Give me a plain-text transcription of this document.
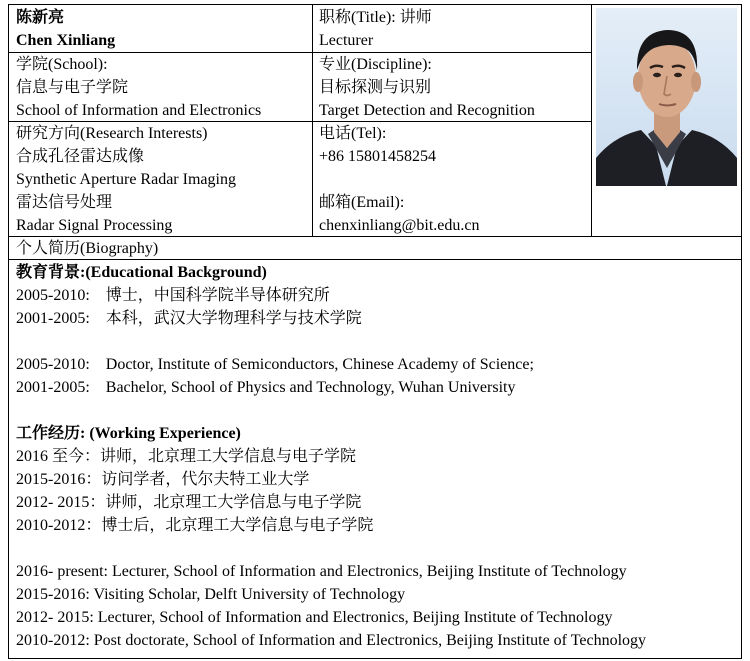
陈新亮
Chen Xinliang
职称(Title): 讲师
Lecturer
学院(School):
信息与电子学院
School of Information and Electronics
专业(Discipline):
目标探测与识别
Target Detection and Recognition
研究方向(Research Interests)
合成孔径雷达成像
Synthetic Aperture Radar Imaging
雷达信号处理
Radar Signal Processing
电话(Tel):
+86 15801458254
邮箱(Email):
chenxinliang@bit.edu.cn
个人简历(Biography)
教育背景:(Educational Background)
2005-2010:    博士，中国科学院半导体研究所
2001-2005:    本科，武汉大学物理科学与技术学院
2005-2010:    Doctor, Institute of Semiconductors, Chinese Academy of Science;
2001-2005:    Bachelor, School of Physics and Technology, Wuhan University
工作经历: (Working Experience)
2016 至今：讲师，北京理工大学信息与电子学院
2015-2016：访问学者，代尔夫特工业大学
2012- 2015：讲师，北京理工大学信息与电子学院
2010-2012：博士后，北京理工大学信息与电子学院
2016- present: Lecturer, School of Information and Electronics, Beijing Institute of Technology
2015-2016: Visiting Scholar, Delft University of Technology
2012- 2015: Lecturer, School of Information and Electronics, Beijing Institute of Technology
2010-2012: Post doctorate, School of Information and Electronics, Beijing Institute of Technology
